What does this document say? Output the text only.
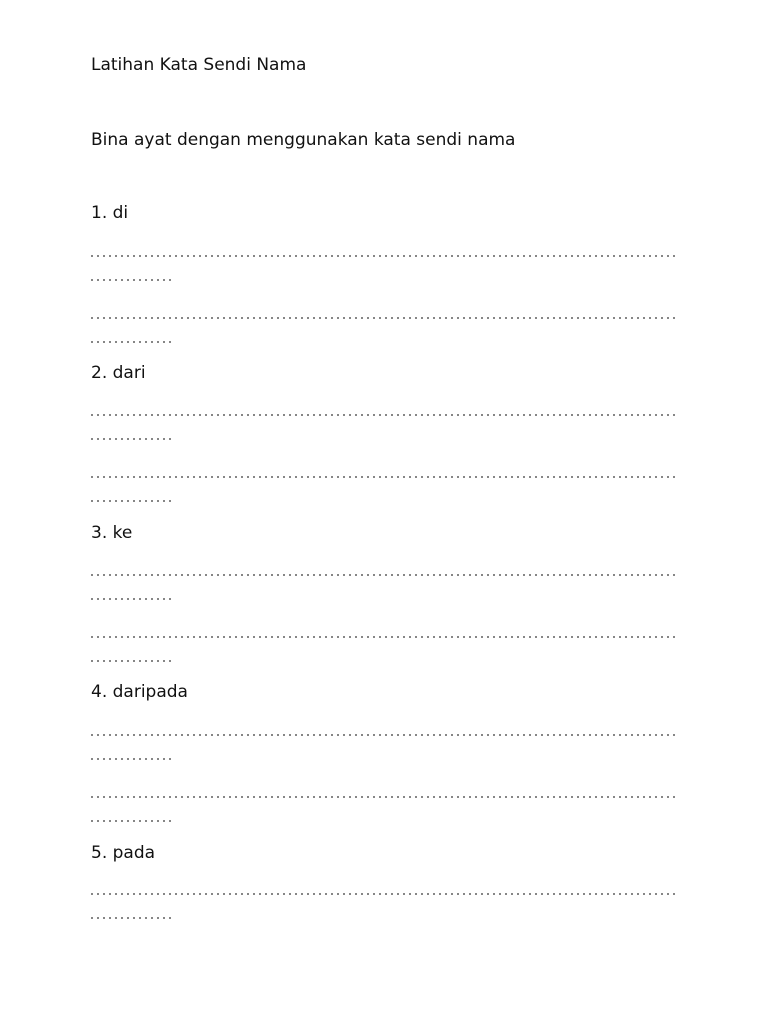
Latihan Kata Sendi Nama
Bina ayat dengan menggunakan kata sendi nama
1. di
2. dari
3. ke
4. daripada
5. pada
